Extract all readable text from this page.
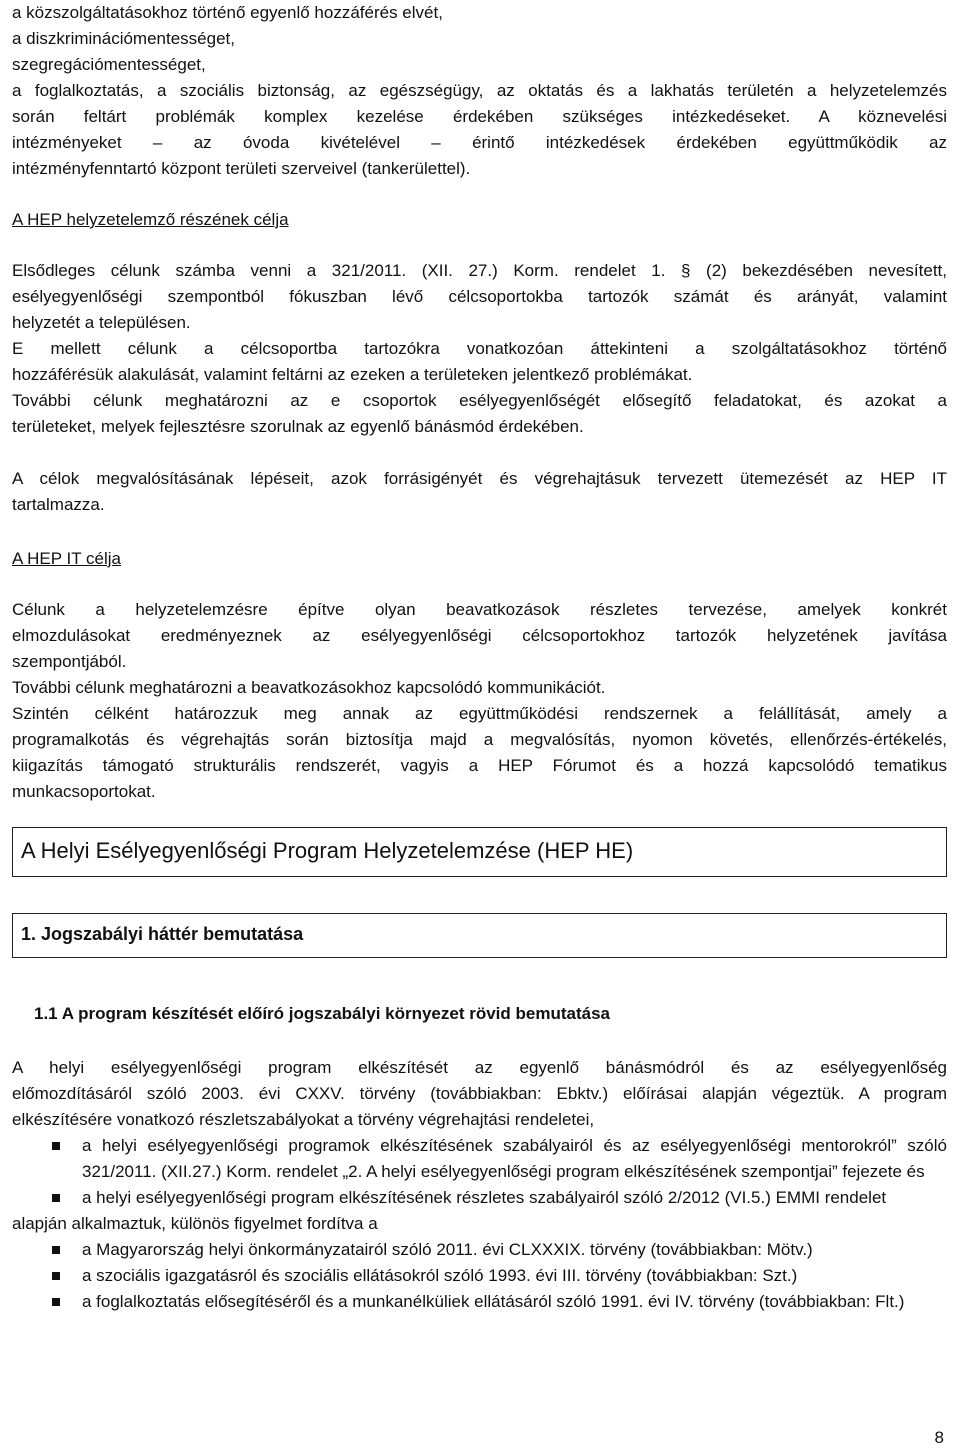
a közszolgáltatásokhoz történő egyenlő hozzáférés elvét,
a diszkriminációmentességet,
szegregációmentességet,
a foglalkoztatás, a szociális biztonság, az egészségügy, az oktatás és a lakhatás területén a helyzetelemzés
során feltárt problémák komplex kezelése érdekében szükséges intézkedéseket. A köznevelési
intézményeket – az óvoda kivételével – érintő intézkedések érdekében együttműködik az
intézményfenntartó központ területi szerveivel (tankerülettel).
A HEP helyzetelemző részének célja
Elsődleges célunk számba venni a 321/2011. (XII. 27.) Korm. rendelet 1. § (2) bekezdésében nevesített,
esélyegyenlőségi szempontból fókuszban lévő célcsoportokba tartozók számát és arányát, valamint
helyzetét a településen.
E mellett célunk a célcsoportba tartozókra vonatkozóan áttekinteni a szolgáltatásokhoz történő
hozzáférésük alakulását, valamint feltárni az ezeken a területeken jelentkező problémákat.
További célunk meghatározni az e csoportok esélyegyenlőségét elősegítő feladatokat, és azokat a
területeket, melyek fejlesztésre szorulnak az egyenlő bánásmód érdekében.
A célok megvalósításának lépéseit, azok forrásigényét és végrehajtásuk tervezett ütemezését az HEP IT
tartalmazza.
A HEP IT célja
Célunk a helyzetelemzésre építve olyan beavatkozások részletes tervezése, amelyek konkrét
elmozdulásokat eredményeznek az esélyegyenlőségi célcsoportokhoz tartozók helyzetének javítása
szempontjából.
További célunk meghatározni a beavatkozásokhoz kapcsolódó kommunikációt.
Szintén célként határozzuk meg annak az együttműködési rendszernek a felállítását, amely a
programalkotás és végrehajtás során biztosítja majd a megvalósítás, nyomon követés, ellenőrzés-értékelés,
kiigazítás támogató strukturális rendszerét, vagyis a HEP Fórumot és a hozzá kapcsolódó tematikus
munkacsoportokat.
A Helyi Esélyegyenlőségi Program Helyzetelemzése (HEP HE)
1. Jogszabályi háttér bemutatása
1.1 A program készítését előíró jogszabályi környezet rövid bemutatása
A helyi esélyegyenlőségi program elkészítését az egyenlő bánásmódról és az esélyegyenlőség
előmozdításáról szóló 2003. évi CXXV. törvény (továbbiakban: Ebktv.) előírásai alapján végeztük. A program
elkészítésére vonatkozó részletszabályokat a törvény végrehajtási rendeletei,
a helyi esélyegyenlőségi programok elkészítésének szabályairól és az esélyegyenlőségi mentorokról” szóló 321/2011. (XII.27.) Korm. rendelet „2. A helyi esélyegyenlőségi program elkészítésének szempontjai” fejezete és
a helyi esélyegyenlőségi program elkészítésének részletes szabályairól szóló 2/2012 (VI.5.) EMMI rendelet
alapján alkalmaztuk, különös figyelmet fordítva a
a Magyarország helyi önkormányzatairól szóló 2011. évi CLXXXIX. törvény (továbbiakban: Mötv.)
a szociális igazgatásról és szociális ellátásokról szóló 1993. évi III. törvény (továbbiakban: Szt.)
a foglalkoztatás elősegítéséről és a munkanélküliek ellátásáról szóló 1991. évi IV. törvény (továbbiakban: Flt.)
8
